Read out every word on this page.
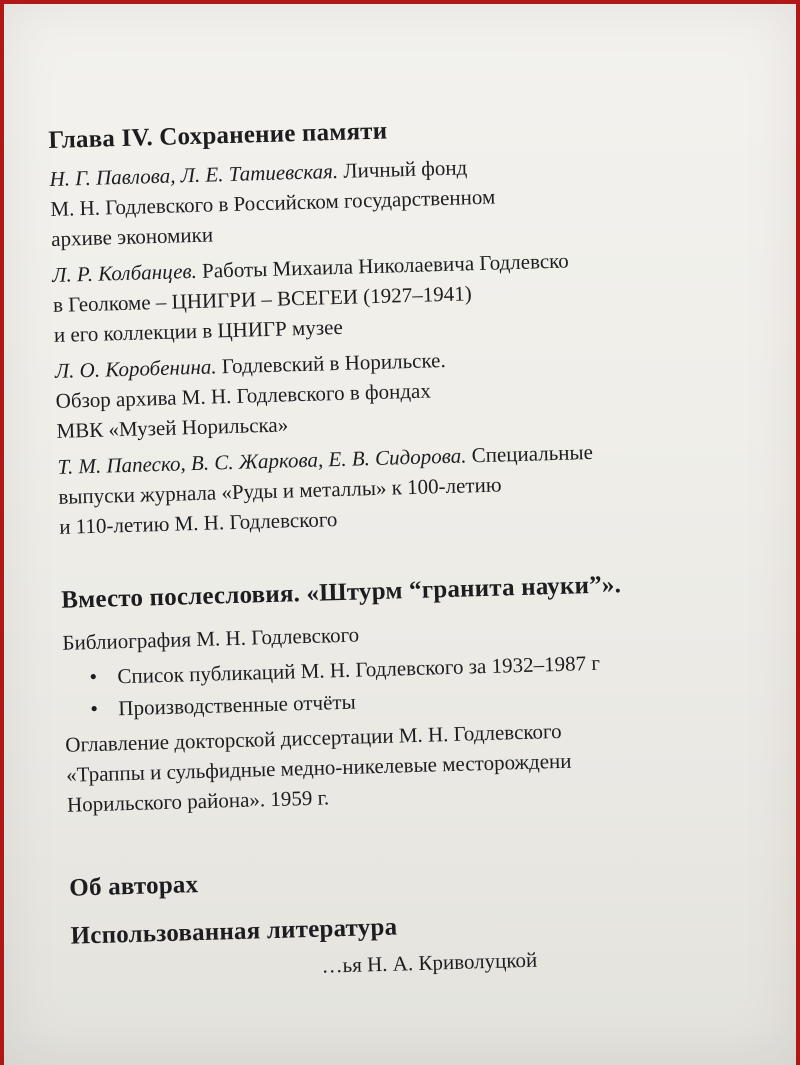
Глава IV. Сохранение памяти

Н. Г. Павлова, Л. Е. Татиевская. Личный фонд

М. Н. Годлевского в Российском государственном

архиве экономики

Л. Р. Колбанцев. Работы Михаила Николаевича Годлевско

в Геолкоме – ЦНИГРИ – ВСЕГЕИ (1927–1941)

и его коллекции в ЦНИГР музее

Л. О. Коробенина. Годлевский в Норильске.

Обзор архива М. Н. Годлевского в фондах

МВК «Музей Норильска»

Т. М. Папеско, В. С. Жаркова, Е. В. Сидорова. Специальные

выпуски журнала «Руды и металлы» к 100-летию

и 110-летию М. Н. Годлевского

Вместо послесловия. «Штурм “гранита науки”».

Библиография М. Н. Годлевского

• Список публикаций М. Н. Годлевского за 1932–1987 г
• Производственные отчёты

Оглавление докторской диссертации М. Н. Годлевского

«Траппы и сульфидные медно-никелевые месторождени

Норильского района». 1959 г.

Об авторах
Использованная литература

…ья Н. А. Криволуцкой
